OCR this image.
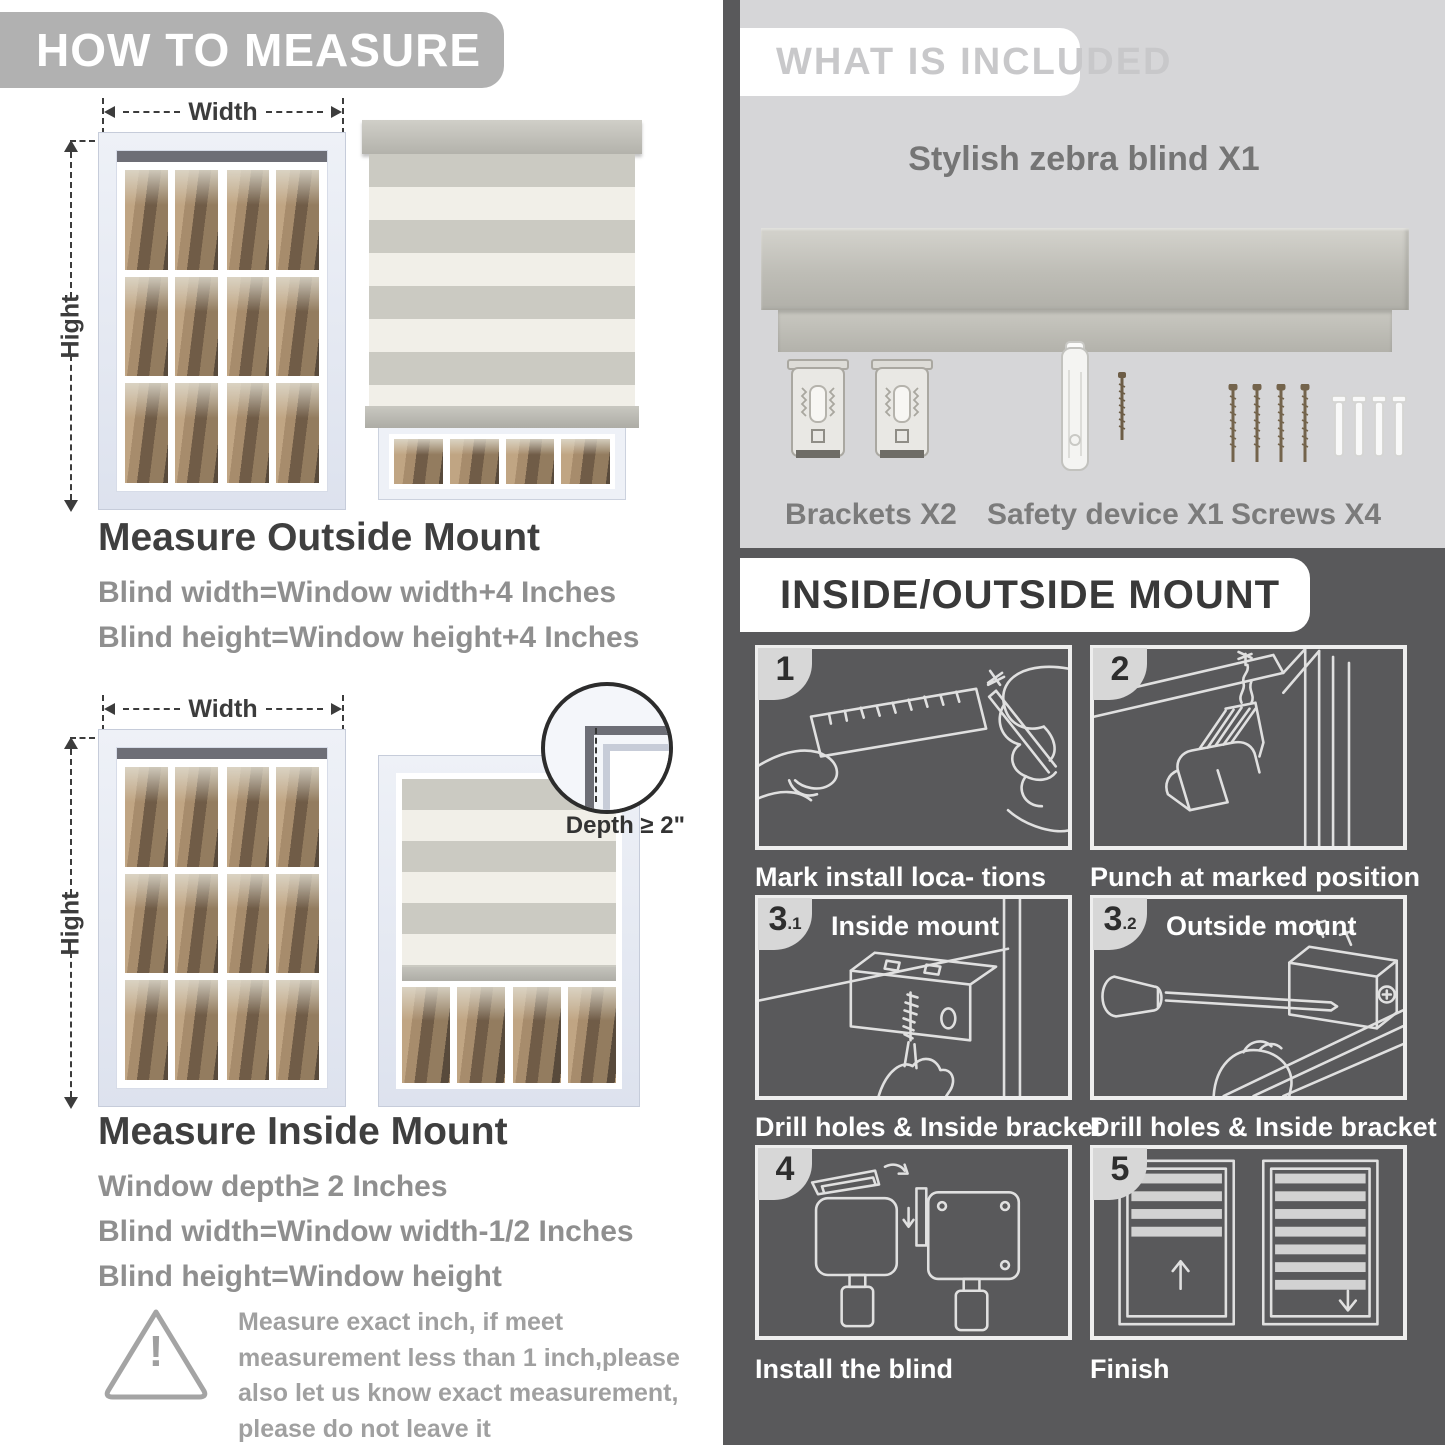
HOW TO MEASURE
Width
Hight
Measure Outside Mount

Blind width=Window width+4 Inches

Blind height=Window height+4 Inches

Width
Hight
Depth ≥ 2"
Measure Inside Mount

Window depth≥ 2 Inches

Blind width=Window width-1/2 Inches

Blind height=Window height

!
Measure exact inch, if meet measurement less than 1 inch,please also let us know exact measurement, please do not leave it
WHAT IS INCLUDED
Stylish zebra blind X1
Brackets X2 Safety device X1 Screws X4
INSIDE/OUTSIDE MOUNT
1
Mark install loca- tions
2
Punch at marked position
3 .1 Inside mount
Drill holes & Inside bracket
3 .2 Outside mount
Drill holes & Inside bracket
4
Install the blind
5
Finish
